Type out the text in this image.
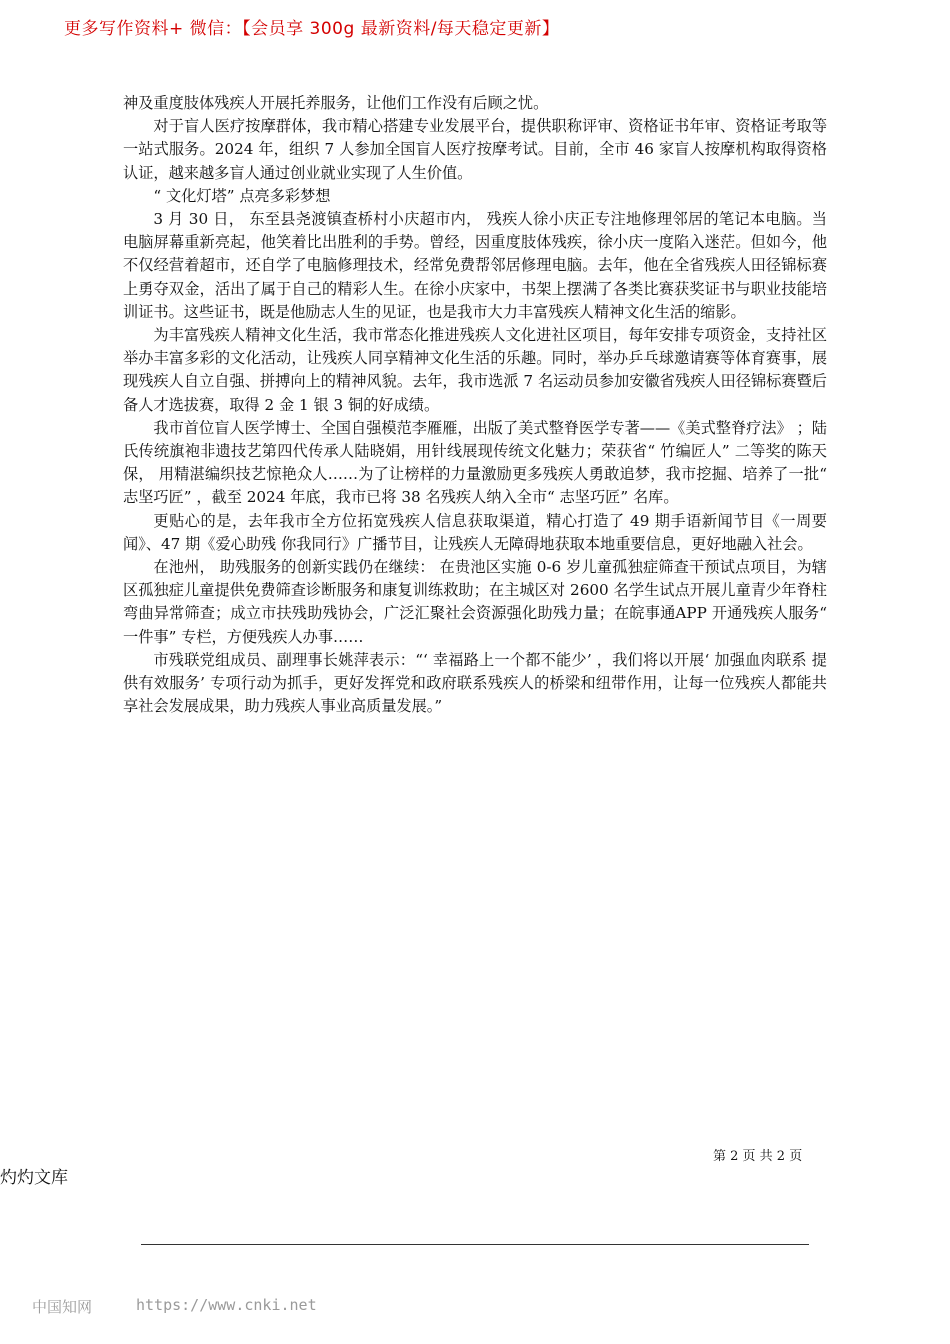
更多写作资料+ 微信：【会员享 300g 最新资料/每天稳定更新】

神及重度肢体残疾人开展托养服务，让他们工作没有后顾之忧。

对于盲人医疗按摩群体，我市精心搭建专业发展平台，提供职称评审、资格证书年审、资格证考取等一站式服务。2024 年，组织 7 人参加全国盲人医疗按摩考试。目前，全市 46 家盲人按摩机构取得资格认证，越来越多盲人通过创业就业实现了人生价值。

“ 文化灯塔” 点亮多彩梦想

3 月 30 日， 东至县尧渡镇查桥村小庆超市内， 残疾人徐小庆正专注地修理邻居的笔记本电脑。当电脑屏幕重新亮起，他笑着比出胜利的手势。曾经，因重度肢体残疾，徐小庆一度陷入迷茫。但如今，他不仅经营着超市，还自学了电脑修理技术，经常免费帮邻居修理电脑。去年，他在全省残疾人田径锦标赛上勇夺双金，活出了属于自己的精彩人生。在徐小庆家中，书架上摆满了各类比赛获奖证书与职业技能培训证书。这些证书，既是他励志人生的见证，也是我市大力丰富残疾人精神文化生活的缩影。

为丰富残疾人精神文化生活，我市常态化推进残疾人文化进社区项目，每年安排专项资金，支持社区举办丰富多彩的文化活动，让残疾人同享精神文化生活的乐趣。同时，举办乒乓球邀请赛等体育赛事，展现残疾人自立自强、拼搏向上的精神风貌。去年，我市选派 7 名运动员参加安徽省残疾人田径锦标赛暨后备人才选拔赛，取得 2 金 1 银 3 铜的好成绩。

我市首位盲人医学博士、全国自强模范李雁雁，出版了美式整脊医学专著——《美式整脊疗法》 ；陆氏传统旗袍非遗技艺第四代传承人陆晓娟，用针线展现传统文化魅力；荣获省“ 竹编匠人” 二等奖的陈天保， 用精湛编织技艺惊艳众人……为了让榜样的力量激励更多残疾人勇敢追梦，我市挖掘、培养了一批“ 志坚巧匠” ，截至 2024 年底，我市已将 38 名残疾人纳入全市“ 志坚巧匠” 名库。

更贴心的是，去年我市全方位拓宽残疾人信息获取渠道，精心打造了 49 期手语新闻节目《一周要闻》、47 期《爱心助残 你我同行》广播节目，让残疾人无障碍地获取本地重要信息，更好地融入社会。

在池州， 助残服务的创新实践仍在继续： 在贵池区实施 0-6 岁儿童孤独症筛查干预试点项目，为辖区孤独症儿童提供免费筛查诊断服务和康复训练救助；在主城区对 2600 名学生试点开展儿童青少年脊柱弯曲异常筛查；成立市扶残助残协会，广泛汇聚社会资源强化助残力量；在皖事通APP 开通残疾人服务“ 一件事” 专栏，方便残疾人办事……

市残联党组成员、副理事长姚萍表示：“‘ 幸福路上一个都不能少’ ，我们将以开展‘ 加强血肉联系 提供有效服务’ 专项行动为抓手，更好发挥党和政府联系残疾人的桥梁和纽带作用，让每一位残疾人都能共享社会发展成果，助力残疾人事业高质量发展。”

第 2 页 共 2 页
灼灼文库
中国知网	https://www.cnki.net
